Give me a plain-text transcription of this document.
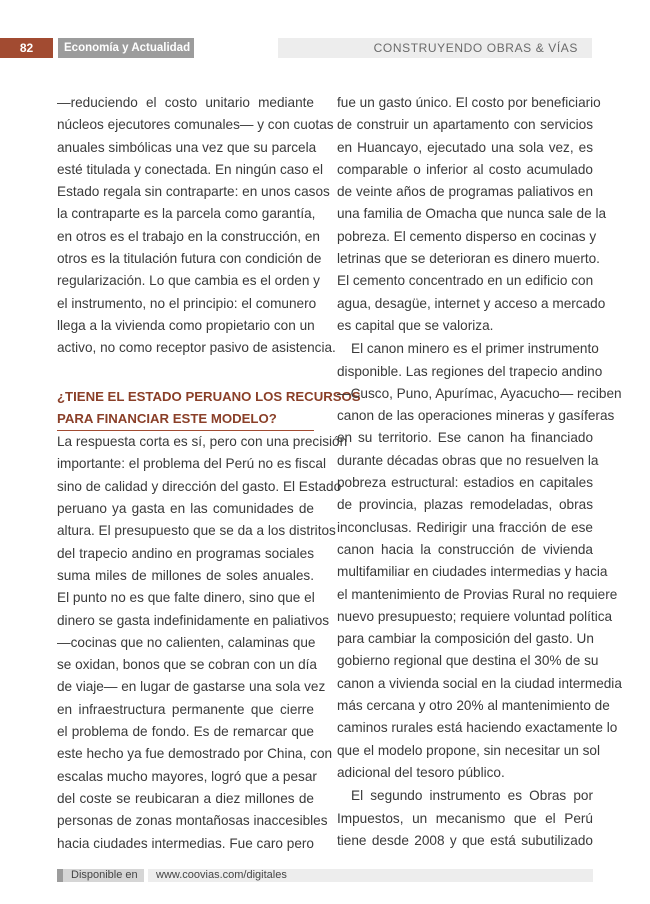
82	Economía y Actualidad	CONSTRUYENDO OBRAS & VÍAS
—reduciendo el costo unitario mediante
núcleos ejecutores comunales— y con cuotas
anuales simbólicas una vez que su parcela
esté titulada y conectada. En ningún caso el
Estado regala sin contraparte: en unos casos
la contraparte es la parcela como garantía,
en otros es el trabajo en la construcción, en
otros es la titulación futura con condición de
regularización. Lo que cambia es el orden y
el instrumento, no el principio: el comunero
llega a la vivienda como propietario con un
activo, no como receptor pasivo de asistencia.
¿TIENE EL ESTADO PERUANO LOS RECURSOS
PARA FINANCIAR ESTE MODELO?
La respuesta corta es sí, pero con una precisión
importante: el problema del Perú no es fiscal
sino de calidad y dirección del gasto. El Estado
peruano ya gasta en las comunidades de
altura. El presupuesto que se da a los distritos
del trapecio andino en programas sociales
suma miles de millones de soles anuales.
El punto no es que falte dinero, sino que el
dinero se gasta indefinidamente en paliativos
—cocinas que no calienten, calaminas que
se oxidan, bonos que se cobran con un día
de viaje— en lugar de gastarse una sola vez
en infraestructura permanente que cierre
el problema de fondo. Es de remarcar que
este hecho ya fue demostrado por China, con
escalas mucho mayores, logró que a pesar
del coste se reubicaran a diez millones de
personas de zonas montañosas inaccesibles
hacia ciudades intermedias. Fue caro pero
fue un gasto único. El costo por beneficiario
de construir un apartamento con servicios
en Huancayo, ejecutado una sola vez, es
comparable o inferior al costo acumulado
de veinte años de programas paliativos en
una familia de Omacha que nunca sale de la
pobreza. El cemento disperso en cocinas y
letrinas que se deterioran es dinero muerto.
El cemento concentrado en un edificio con
agua, desagüe, internet y acceso a mercado
es capital que se valoriza.
El canon minero es el primer instrumento
disponible. Las regiones del trapecio andino
—Cusco, Puno, Apurímac, Ayacucho— reciben
canon de las operaciones mineras y gasíferas
en su territorio. Ese canon ha financiado
durante décadas obras que no resuelven la
pobreza estructural: estadios en capitales
de provincia, plazas remodeladas, obras
inconclusas. Redirigir una fracción de ese
canon hacia la construcción de vivienda
multifamiliar en ciudades intermedias y hacia
el mantenimiento de Provias Rural no requiere
nuevo presupuesto; requiere voluntad política
para cambiar la composición del gasto. Un
gobierno regional que destina el 30% de su
canon a vivienda social en la ciudad intermedia
más cercana y otro 20% al mantenimiento de
caminos rurales está haciendo exactamente lo
que el modelo propone, sin necesitar un sol
adicional del tesoro público.
El segundo instrumento es Obras por
Impuestos, un mecanismo que el Perú
tiene desde 2008 y que está subutilizado
Disponible en	www.coovias.com/digitales
